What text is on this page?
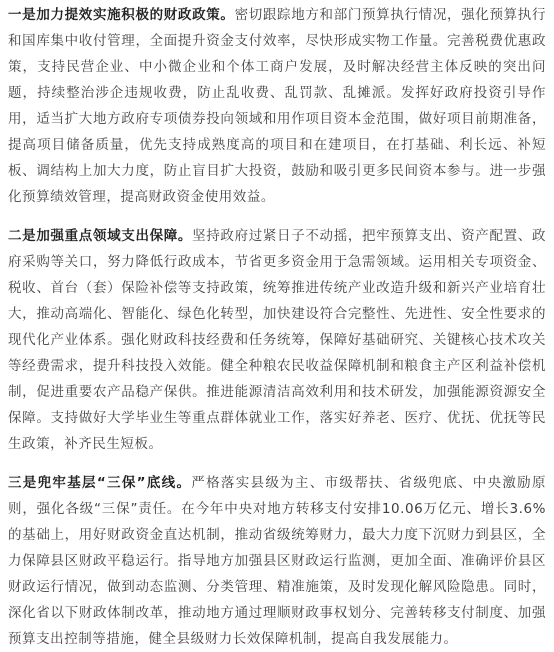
一是加力提效实施积极的财政政策。密切跟踪地方和部门预算执行情况，强化预算执行和国库集中收付管理，全面提升资金支付效率，尽快形成实物工作量。完善税费优惠政策，支持民营企业、中小微企业和个体工商户发展，及时解决经营主体反映的突出问题，持续整治涉企违规收费，防止乱收费、乱罚款、乱摊派。发挥好政府投资引导作用，适当扩大地方政府专项债券投向领域和用作项目资本金范围，做好项目前期准备，提高项目储备质量，优先支持成熟度高的项目和在建项目，在打基础、利长远、补短板、调结构上加大力度，防止盲目扩大投资，鼓励和吸引更多民间资本参与。进一步强化预算绩效管理，提高财政资金使用效益。

二是加强重点领域支出保障。坚持政府过紧日子不动摇，把牢预算支出、资产配置、政府采购等关口，努力降低行政成本，节省更多资金用于急需领域。运用相关专项资金、税收、首台（套）保险补偿等支持政策，统筹推进传统产业改造升级和新兴产业培育壮大，推动高端化、智能化、绿色化转型，加快建设符合完整性、先进性、安全性要求的现代化产业体系。强化财政科技经费和任务统筹，保障好基础研究、关键核心技术攻关等经费需求，提升科技投入效能。健全种粮农民收益保障机制和粮食主产区利益补偿机制，促进重要农产品稳产保供。推进能源清洁高效利用和技术研发，加强能源资源安全保障。支持做好大学毕业生等重点群体就业工作，落实好养老、医疗、优抚、优抚等民生政策，补齐民生短板。

三是兜牢基层“三保”底线。严格落实县级为主、市级帮扶、省级兜底、中央激励原则，强化各级“三保”责任。在今年中央对地方转移支付安排10.06万亿元、增长3.6%的基础上，用好财政资金直达机制，推动省级统筹财力，最大力度下沉财力到县区，全力保障县区财政平稳运行。指导地方加强县区财政运行监测，更加全面、准确评价县区财政运行情况，做到动态监测、分类管理、精准施策，及时发现化解风险隐患。同时，深化省以下财政体制改革，推动地方通过理顺财政事权划分、完善转移支付制度、加强预算支出控制等措施，健全县级财力长效保障机制，提高自我发展能力。
